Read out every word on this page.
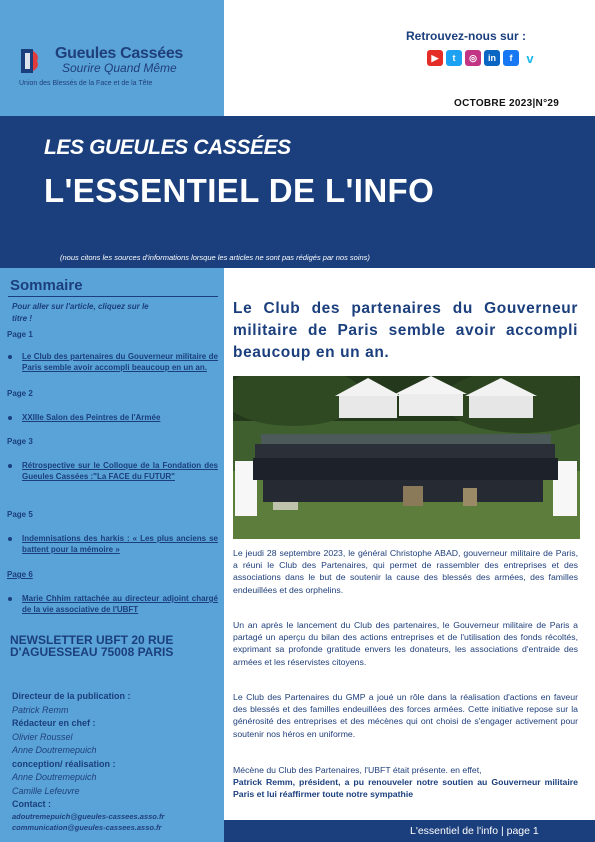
Gueules Cassées
Sourire Quand Même
Union des Blessés de la Face et de la Tête
Retrouvez-nous sur :
▶	t	◎	in	f	v
OCTOBRE 2023|N°29
LES GUEULES CASSÉES
L'ESSENTIEL DE L'INFO
(nous citons les sources d'informations lorsque les articles ne sont pas rédigés par nos soins)
Sommaire
Pour aller sur l'article, cliquez sur le titre !
Page 1
Le Club des partenaires du Gouverneur militaire de Paris semble avoir accompli beaucoup en un an.
Page 2
XXIIIe Salon des Peintres de l'Armée
Page 3
Rétrospective sur le Colloque de la Fondation des Gueules Cassées :"La FACE du FUTUR"
Page 5
Indemnisations des harkis : « Les plus anciens se battent pour la mémoire »
Page 6
Marie Chhim rattachée au directeur adjoint chargé de la vie associative de l'UBFT
NEWSLETTER UBFT 20 RUE D'AGUESSEAU 75008 PARIS
Directeur de la publication :
Patrick Remm
Rédacteur en chef :
Olivier Roussel
Anne Doutremepuich
conception/ réalisation :
Anne Doutremepuich
Camille Lefeuvre
Contact :
adoutremepuich@gueules-cassees.asso.fr
communication@gueules-cassees.asso.fr
Le Club des partenaires du Gouverneur militaire de Paris semble avoir accompli beaucoup en un an.
Le jeudi 28 septembre 2023, le général Christophe ABAD, gouverneur militaire de Paris, a réuni le Club des Partenaires, qui permet de rassembler des entreprises et des associations dans le but de soutenir la cause des blessés des armées, des familles endeuillées et des orphelins.
Un an après le lancement du Club des partenaires, le Gouverneur militaire de Paris a partagé un aperçu du bilan des actions entreprises et de l'utilisation des fonds récoltés, exprimant sa profonde gratitude envers les donateurs, les associations d'entraide des armées et les réservistes citoyens.
Le Club des Partenaires du GMP a joué un rôle dans la réalisation d'actions en faveur des blessés et des familles endeuillées des forces armées. Cette initiative repose sur la générosité des entreprises et des mécènes qui ont choisi de s'engager activement pour soutenir nos héros en uniforme.
Mécène du Club des Partenaires, l'UBFT était présente. en effet,
Patrick Remm, président, a pu renouveler notre soutien au Gouverneur militaire Paris et lui réaffirmer toute notre sympathie
L'essentiel de l'info | page 1
